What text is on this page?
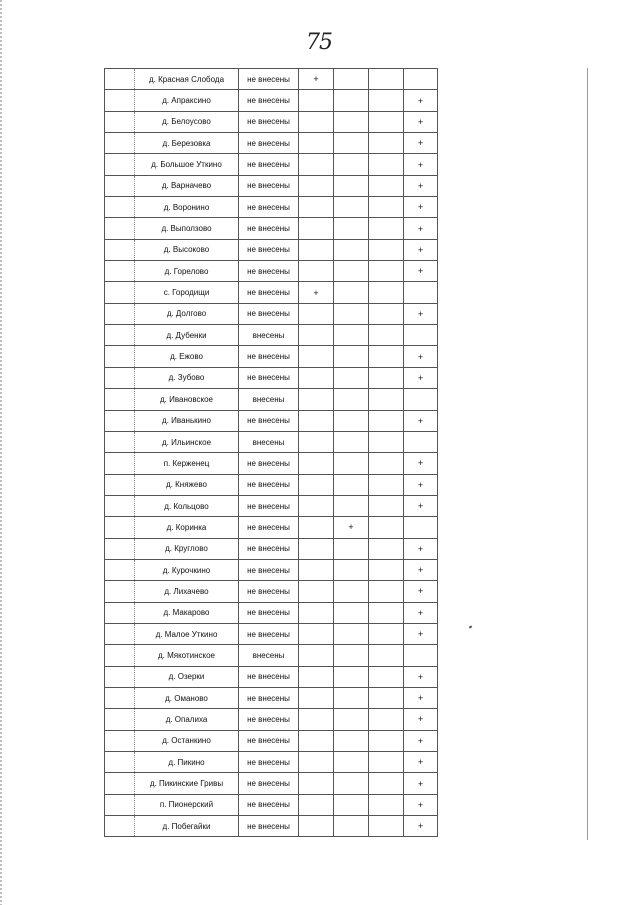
75
	д. Красная Слобода	не внесены	+			
	д. Апраксино	не внесены				+
	д. Белоусово	не внесены				+
	д. Березовка	не внесены				+
	д. Большое Уткино	не внесены				+
	д. Варначево	не внесены				+
	д. Воронино	не внесены				+
	д. Выползово	не внесены				+
	д. Высоково	не внесены				+
	д. Горелово	не внесены				+
	с. Городищи	не внесены	+			
	д. Долгово	не внесены				+
	д. Дубенки	внесены				
	д. Ежово	не внесены				+
	д. Зубово	не внесены				+
	д. Ивановское	внесены				
	д. Иванькино	не внесены				+
	д. Ильинское	внесены				
	п. Керженец	не внесены				+
	д. Княжево	не внесены				+
	д. Кольцово	не внесены				+
	д. Коринка	не внесены		+		
	д. Круглово	не внесены				+
	д. Курочкино	не внесены				+
	д. Лихачево	не внесены				+
	д. Макарово	не внесены				+
	д. Малое Уткино	не внесены				+
	д. Мякотинское	внесены				
	д. Озерки	не внесены				+
	д. Оманово	не внесены				+
	д. Опалиха	не внесены				+
	д. Останкино	не внесены				+
	д. Пикино	не внесены				+
	д. Пикинские Гривы	не внесены				+
	п. Пионерский	не внесены				+
	д. Побегайки	не внесены				+
